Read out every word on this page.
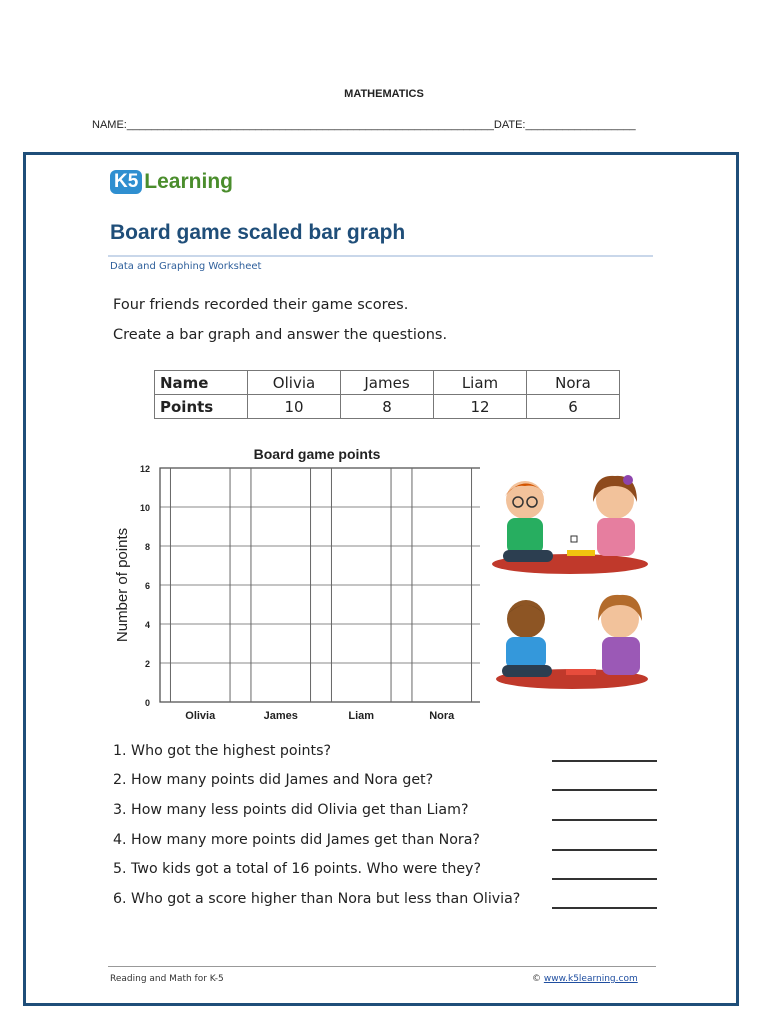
MATHEMATICS
NAME:____________________________________________________________DATE:__________________
K5 Learning
Board game scaled bar graph
Data and Graphing Worksheet
Four friends recorded their game scores.
Create a bar graph and answer the questions.
Name	Olivia	James	Liam	Nora
Points	10	8	12	6
Board game points
0
2
4
6
8
10
12
Olivia	James	Liam	Nora
Number of points
1. Who got the highest points?
2. How many points did James and Nora get?
3. How many less points did Olivia get than Liam?
4. How many more points did James get than Nora?
5. Two kids got a total of 16 points. Who were they?
6. Who got a score higher than Nora but less than Olivia?
Reading and Math for K-5	© www.k5learning.com
